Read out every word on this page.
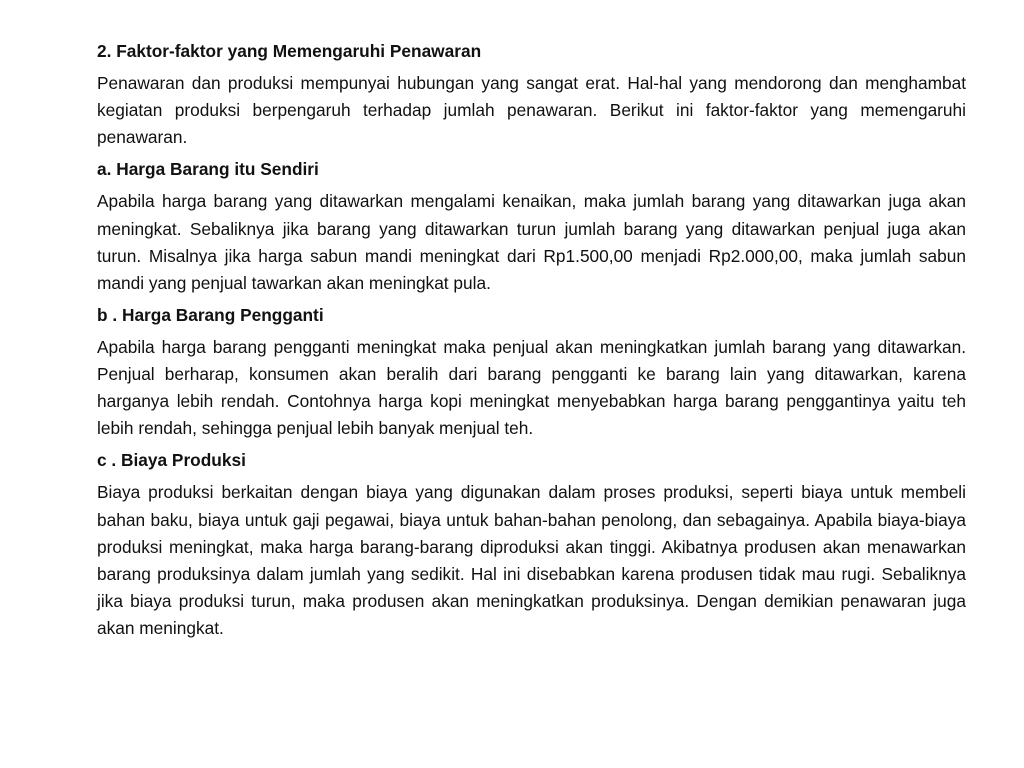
2. Faktor-faktor yang Memengaruhi Penawaran
Penawaran dan produksi mempunyai hubungan yang sangat erat. Hal-hal yang mendorong dan menghambat kegiatan produksi berpengaruh terhadap jumlah penawaran. Berikut ini faktor-faktor yang memengaruhi penawaran.
a. Harga Barang itu Sendiri
Apabila harga barang yang ditawarkan mengalami kenaikan, maka jumlah barang yang ditawarkan juga akan meningkat. Sebaliknya jika barang yang ditawarkan turun jumlah barang yang ditawarkan penjual juga akan turun. Misalnya jika harga sabun mandi meningkat dari Rp1.500,00 menjadi Rp2.000,00, maka jumlah sabun mandi yang penjual tawarkan akan meningkat pula.
b . Harga Barang Pengganti
Apabila harga barang pengganti meningkat maka penjual akan meningkatkan jumlah barang yang ditawarkan. Penjual berharap, konsumen akan beralih dari barang pengganti ke barang lain yang ditawarkan, karena harganya lebih rendah. Contohnya harga kopi meningkat menyebabkan harga barang penggantinya yaitu teh lebih rendah, sehingga penjual lebih banyak menjual teh.
c . Biaya Produksi
Biaya produksi berkaitan dengan biaya yang digunakan dalam proses produksi, seperti biaya untuk membeli bahan baku, biaya untuk gaji pegawai, biaya untuk bahan-bahan penolong, dan sebagainya. Apabila biaya-biaya produksi meningkat, maka harga barang-barang diproduksi akan tinggi. Akibatnya produsen akan menawarkan barang produksinya dalam jumlah yang sedikit. Hal ini disebabkan karena produsen tidak mau rugi. Sebaliknya jika biaya produksi turun, maka produsen akan meningkatkan produksinya. Dengan demikian penawaran juga akan meningkat.
